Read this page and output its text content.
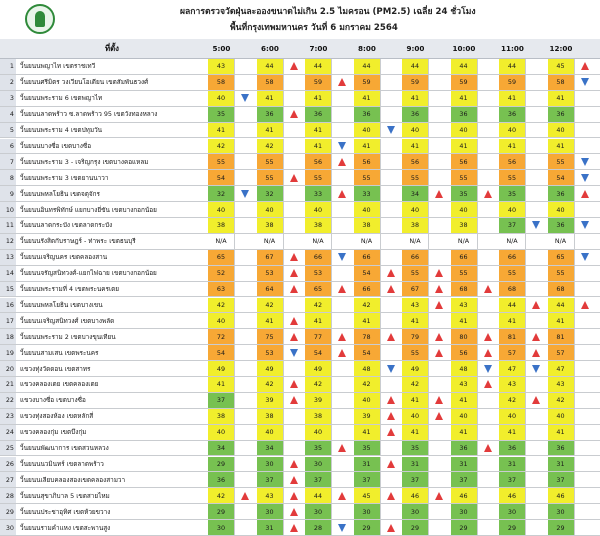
ผลการตรวจวัดฝุ่นละอองขนาดไม่เกิน 2.5 ไมครอน (PM2.5) เฉลี่ย 24 ชั่วโมง
พื้นที่กรุงเทพมหานคร วันที่ 6 มกราคม 2564
ที่ตั้ง	5:00	6:00	7:00	8:00	9:00	10:00	11:00	12:00
1 วิ้นยนนพญาไท เขตราชเทวี	43	44	44	44	44	44	44	45
2 วิ้นยนนศรีมิตร วงเวียนโอเดียน เขตสัมพันธวงศ์	58	58	59	59	59	59	59	58
3 วิ้นยนนพระราม 6 เขตพญาไท	40	41	41	41	41	41	41	41
4 วิ้นยนนลาดพร้าว ซ.ลาดพร้าว 95 เขตวังทองหลาง	35	36	36	36	36	36	36	36
5 วิ้นยนนพระราม 4 เขตปทุมวัน	41	41	41	40	40	40	40	40
6 วิ้นยนนบางซื่อ เขตบางซื่อ	42	42	41	41	41	41	41	41
7 วิ้นยนนพระราม 3 - เจริญกรุง เขตบางคอแหลม	55	55	56	56	56	56	56	55
8 วิ้นยนนพระราม 3 เขตยานนาวา	54	55	55	55	55	55	55	54
9 วิ้นยนนพหลโยธิน เขตจตุจักร	32	32	33	33	34	35	35	36
10 วิ้นยนนอินทรพิทักษ์ แยกบางยี่ขัน เขตบางกอกน้อย	40	40	40	40	40	40	40	40
11 วิ้นยนนลาดกระบัง เขตลาดกระบัง	38	38	38	38	38	38	37	36
12 วิ้นยนนรังสิตกับราษฎร์ - ท่าพระ เขตธนบุรี	N/A	N/A	N/A	N/A	N/A	N/A	N/A	N/A
13 วิ้นยนนเจริญนคร เขตคลองสาน	65	67	66	66	66	66	66	65
14 วิ้นยนนจรัญสนิทวงศ์-แยกไฟฉาย เขตบางกอกน้อย	52	53	53	54	55	55	55	55
15 วิ้นยนนพระรามที่ 4 เขตพระนครเตย	63	64	65	66	67	68	68	68
16 วิ้นยนนพหลโยธิน เขตบางเขน	42	42	42	42	43	43	44	44
17 วิ้นยนนเจริญสนิทวงศ์ เขตบางพลัด	40	41	41	41	41	41	41	41
18 วิ้นยนนพระราม 2 เขตบางขุนเทียน	72	75	77	78	79	80	81	81
19 วิ้นยนนสามเสน เขตพระนคร	54	53	54	54	55	56	57	57
20 แขวงทุ่งวัดดอน เขตสาทร	49	49	49	48	49	48	47	47
21 แขวงคลองเตย เขตคลองเตย	41	42	42	42	42	43	43	43
22 แขวงบางซื่อ เขตบางซื่อ	37	39	39	40	41	41	42	42
23 แขวงทุ่งสองห้อง เขตหลักสี่	38	38	38	39	40	40	40	40
24 แขวงคลองกุ่ม เขตบึงกุ่ม	40	40	40	41	41	41	41	41
25 วิ้นยนนพัฒนาการ เขตสวนหลวง	34	34	35	35	35	36	36	36
26 วิ้นยนนนวมินทร์ เขตลาดพร้าว	29	30	30	31	31	31	31	31
27 วิ้นยนนเลียบคลองสองเขตคลองสามวา	36	37	37	37	37	37	37	37
28 วิ้นยนนสุขาภิบาล 5 เขตสายไหม	42	43	44	45	46	46	46	46
29 วิ้นยนนประชาอุทิศ เขตห้วยขวาง	29	30	30	30	30	30	30	30
30 วิ้นยนนรามคำแหง เขตสะพานสูง	30	31	28	29	29	29	29	29
